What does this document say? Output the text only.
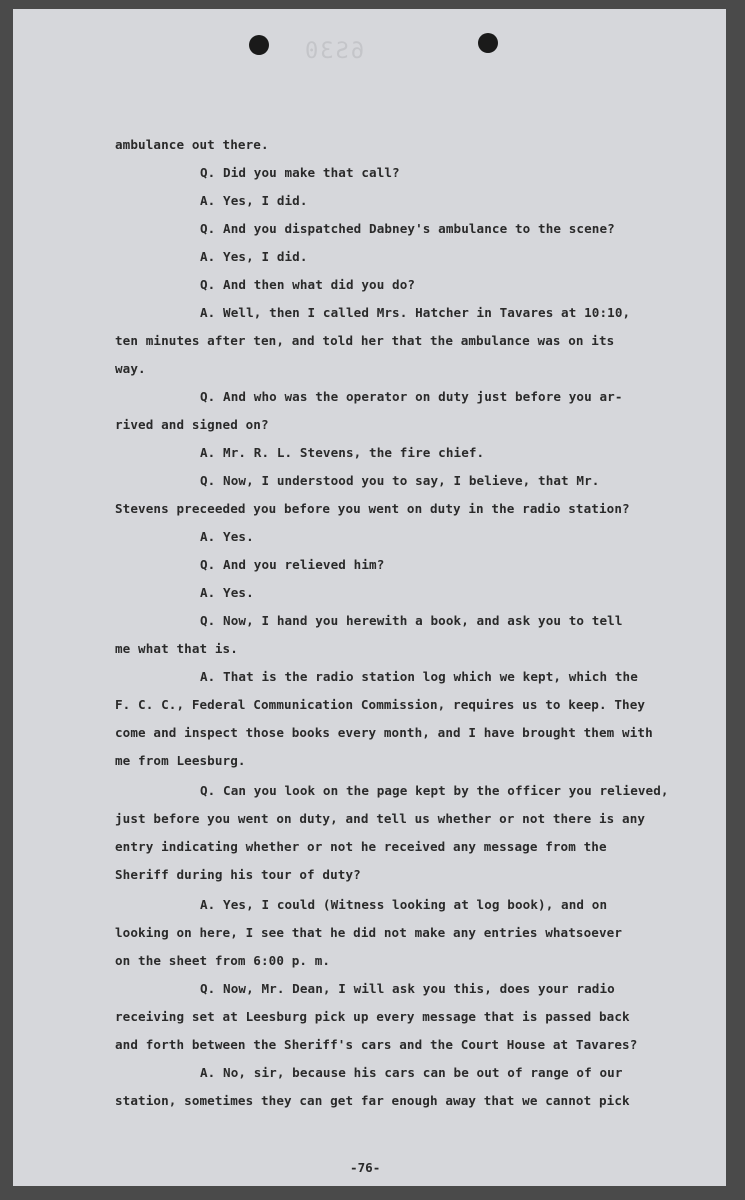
6S30
ambulance out there.
Q. Did you make that call?
A. Yes, I did.
Q. And you dispatched Dabney's ambulance to the scene?
A. Yes, I did.
Q. And then what did you do?
A. Well, then I called Mrs. Hatcher in Tavares at 10:10,
ten minutes after ten, and told her that the ambulance was on its
way.
Q. And who was the operator on duty just before you ar-
rived and signed on?
A. Mr. R. L. Stevens, the fire chief.
Q. Now, I understood you to say, I believe, that Mr.
Stevens preceeded you before you went on duty in the radio station?
A. Yes.
Q. And you relieved him?
A. Yes.
Q. Now, I hand you herewith a book, and ask you to tell
me what that is.
A. That is the radio station log which we kept, which the
F. C. C., Federal Communication Commission, requires us to keep. They
come and inspect those books every month, and I have brought them with
me from Leesburg.
Q. Can you look on the page kept by the officer you relieved,
just before you went on duty, and tell us whether or not there is any
entry indicating whether or not he received any message from the
Sheriff during his tour of duty?
A. Yes, I could (Witness looking at log book), and on
looking on here, I see that he did not make any entries whatsoever
on the sheet from 6:00 p. m.
Q. Now, Mr. Dean, I will ask you this, does your radio
receiving set at Leesburg pick up every message that is passed back
and forth between the Sheriff's cars and the Court House at Tavares?
A. No, sir, because his cars can be out of range of our
station, sometimes they can get far enough away that we cannot pick
-76-
